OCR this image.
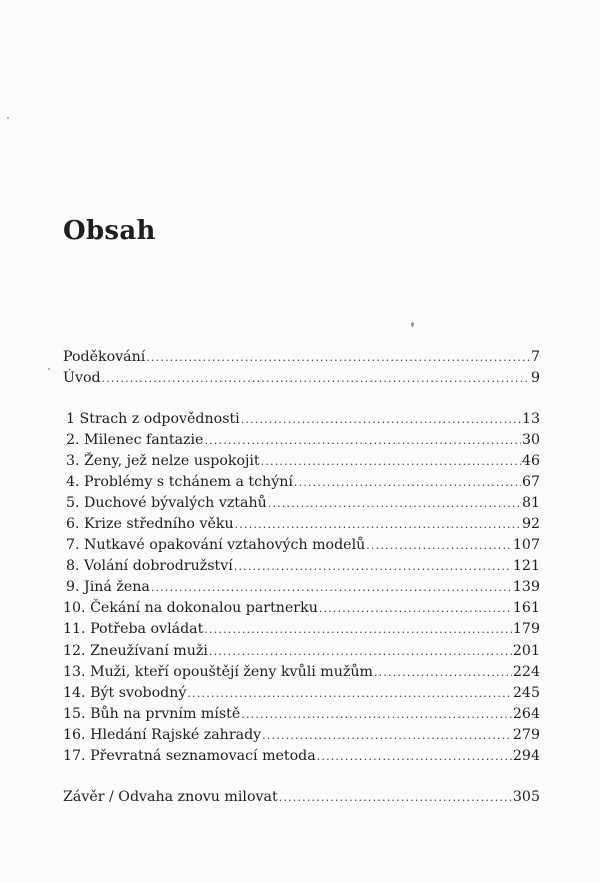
Obsah
Poděkování .....	7
Úvod .....	9
1 Strach z odpovědnosti .....	13
2. Milenec fantazie .....	30
3. Ženy, jež nelze uspokojit .....	46
4. Problémy s tchánem a tchýní .....	67
5. Duchové bývalých vztahů .....	81
6. Krize středního věku .....	92
7. Nutkavé opakování vztahových modelů .....	107
8. Volání dobrodružství .....	121
9. Jiná žena .....	139
10. Čekání na dokonalou partnerku .....	161
11. Potřeba ovládat .....	179
12. Zneužívaní muži .....	201
13. Muži, kteří opouštějí ženy kvůli mužům .....	224
14. Být svobodný .....	245
15. Bůh na prvním místě .....	264
16. Hledání Rajské zahrady .....	279
17. Převratná seznamovací metoda .....	294
Závěr / Odvaha znovu milovat .....	305
